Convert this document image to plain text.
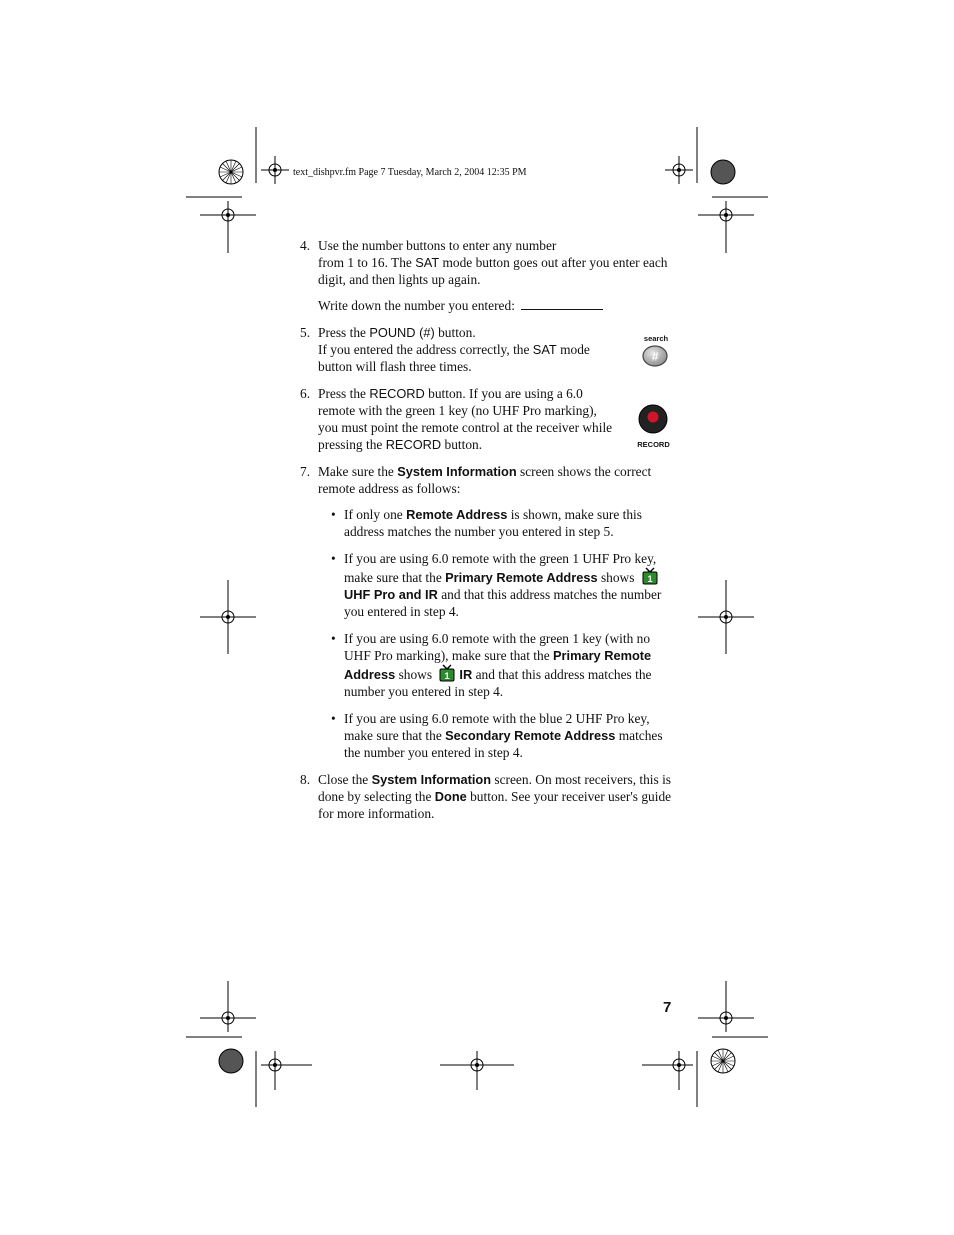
text_dishpvr.fm Page 7 Tuesday, March 2, 2004 12:35 PM
4. Use the number buttons to enter any number
from 1 to 16. The SAT mode button goes out after you enter each digit, and then lights up again.

Write down the number you entered:

5. Press the POUND (#) button.
If you entered the address correctly, the SAT mode button will flash three times.

6. Press the RECORD button. If you are using a 6.0 remote with the green 1 key (no UHF Pro marking), you must point the remote control at the receiver while pressing the RECORD button.

7. Make sure the System Information screen shows the correct remote address as follows:

• If only one Remote Address is shown, make sure this address matches the number you entered in step 5.
• If you are using 6.0 remote with the green 1 UHF Pro key, make sure that the Primary Remote Address shows 1

UHF Pro and IR and that this address matches the number you entered in step 4.
• If you are using 6.0 remote with the green 1 key (with no UHF Pro marking), make sure that the Primary Remote Address shows 1 IR and that this address matches the number you entered in step 4.
• If you are using 6.0 remote with the blue 2 UHF Pro key, make sure that the Secondary Remote Address matches the number you entered in step 4.
8. Close the System Information screen. On most receivers, this is done by selecting the Done button. See your receiver user's guide for more information.

search
#
RECORD
7
